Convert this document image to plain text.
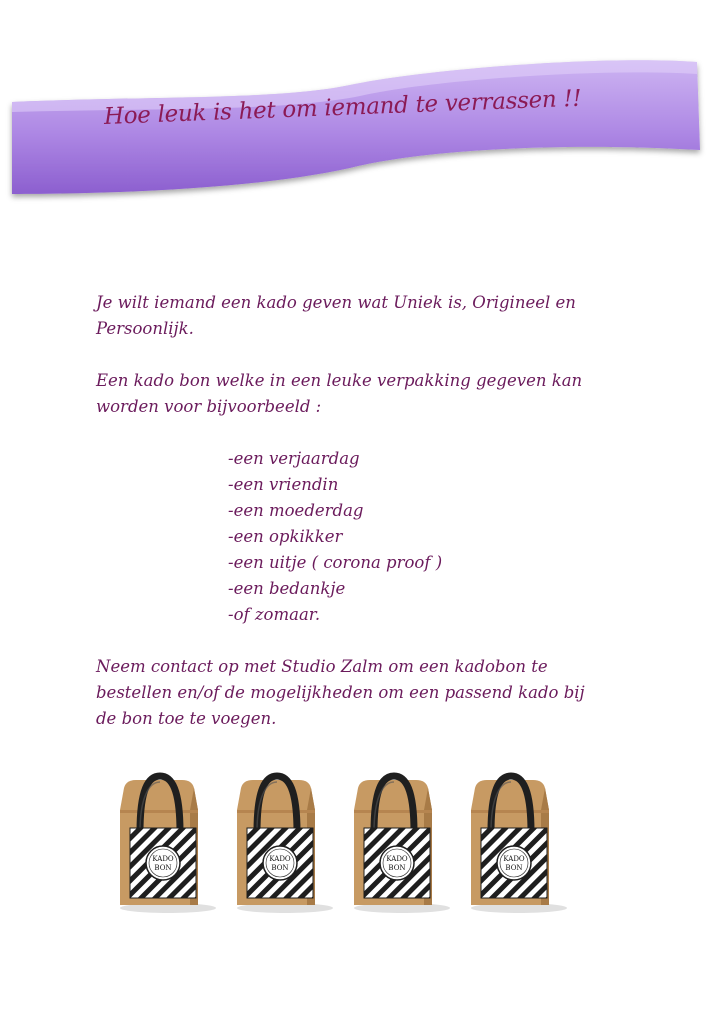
Hoe leuk is het om iemand te verrassen !!

Je wilt iemand een kado geven wat Uniek is, Origineel en
Persoonlijk.

Een kado bon welke in een leuke verpakking gegeven kan
worden voor bijvoorbeeld :

-een verjaardag
-een vriendin
-een moederdag
-een opkikker
-een uitje ( corona proof )
-een bedankje
-of zomaar.

Neem contact op met Studio Zalm om een kadobon te
bestellen en/of de mogelijkheden om een passend kado bij
de bon toe te voegen.
